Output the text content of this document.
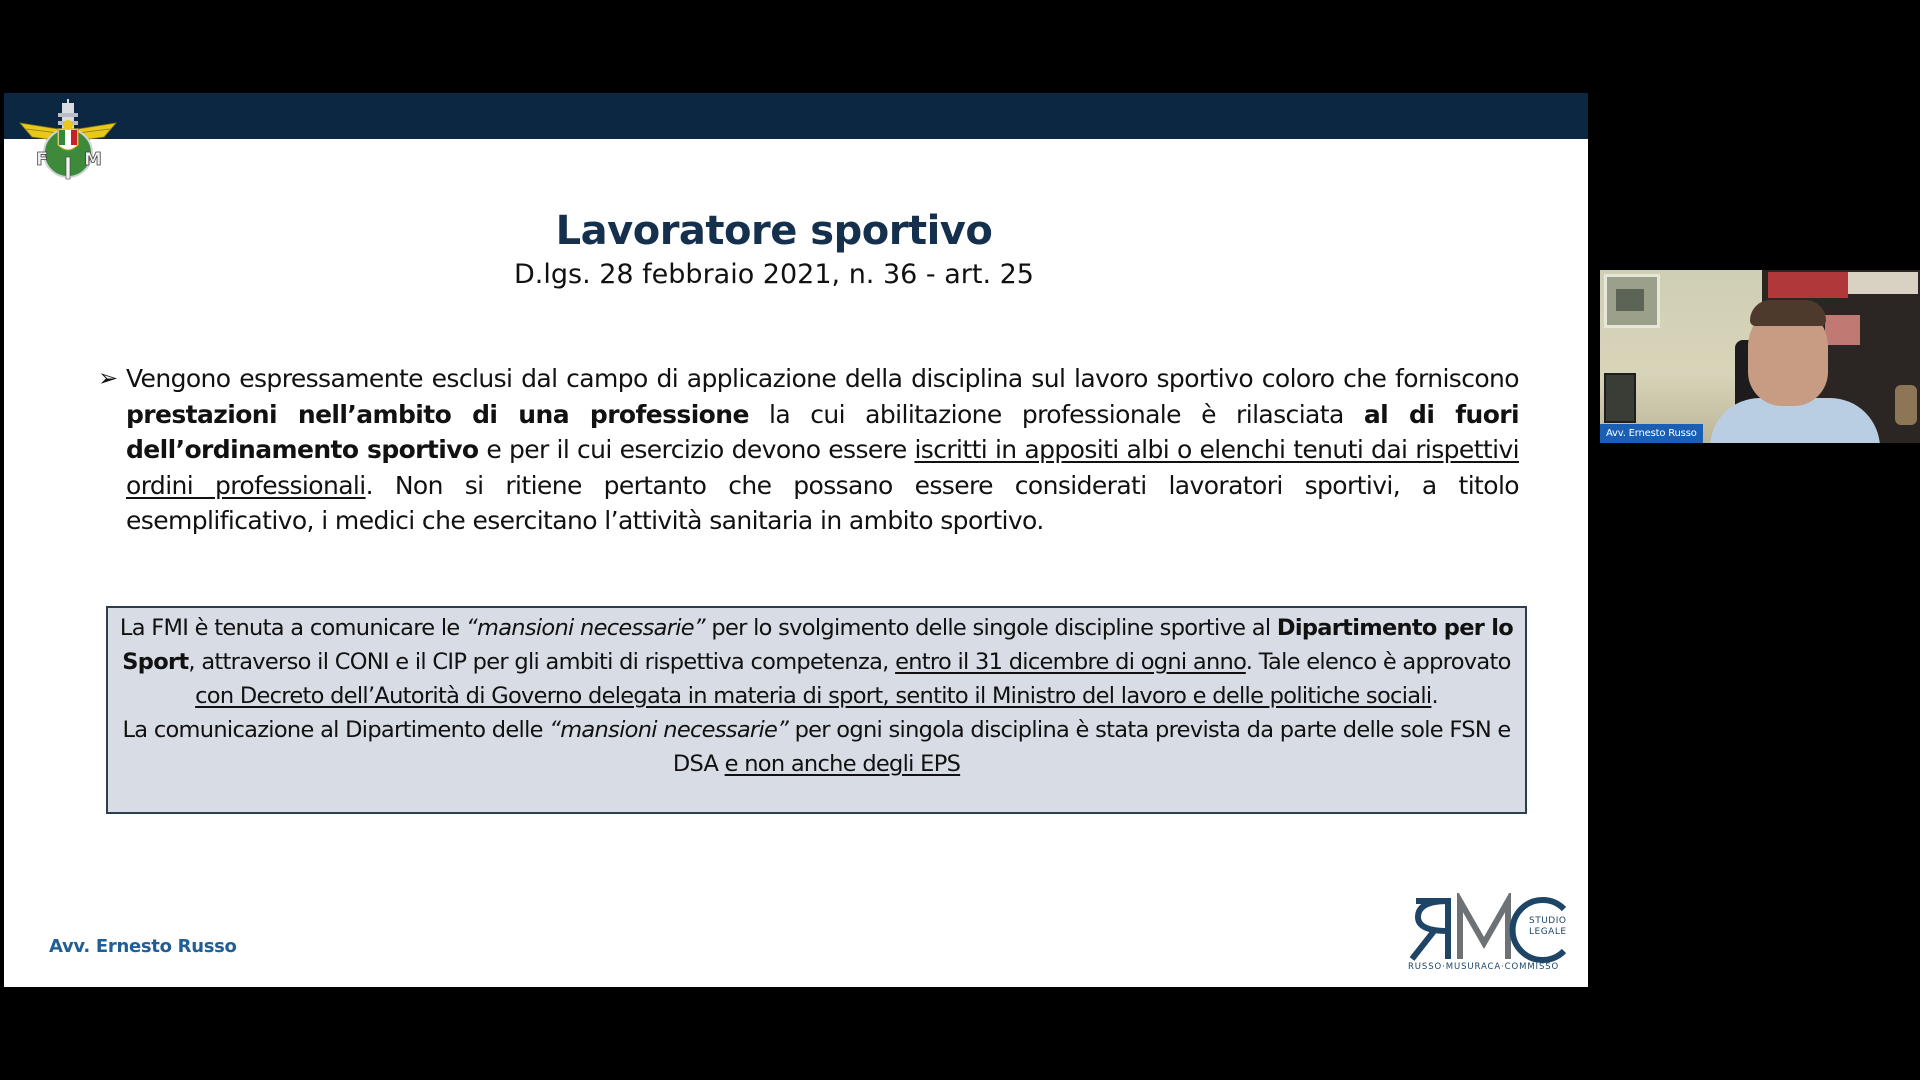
F M
Lavoratore sportivo
D.lgs. 28 febbraio 2021, n. 36 - art. 25
➢ Vengono espressamente esclusi dal campo di applicazione della disciplina sul lavoro sportivo coloro che forniscono prestazioni nell’ambito di una professione la cui abilitazione professionale è rilasciata al di fuori dell’ordinamento sportivo e per il cui esercizio devono essere iscritti in appositi albi o elenchi tenuti dai rispettivi ordini professionali. Non si ritiene pertanto che possano essere considerati lavoratori sportivi, a titolo esemplificativo, i medici che esercitano l’attività sanitaria in ambito sportivo.
La FMI è tenuta a comunicare le “mansioni necessarie” per lo svolgimento delle singole discipline sportive al Dipartimento per lo Sport, attraverso il CONI e il CIP per gli ambiti di rispettiva competenza, entro il 31 dicembre di ogni anno. Tale elenco è approvato con Decreto dell’Autorità di Governo delegata in materia di sport, sentito il Ministro del lavoro e delle politiche sociali.
La comunicazione al Dipartimento delle “mansioni necessarie” per ogni singola disciplina è stata prevista da parte delle sole FSN e DSA e non anche degli EPS
Avv. Ernesto Russo
STUDIO
LEGALE
RUSSO·MUSURACA·COMMISSO
Avv. Ernesto Russo
